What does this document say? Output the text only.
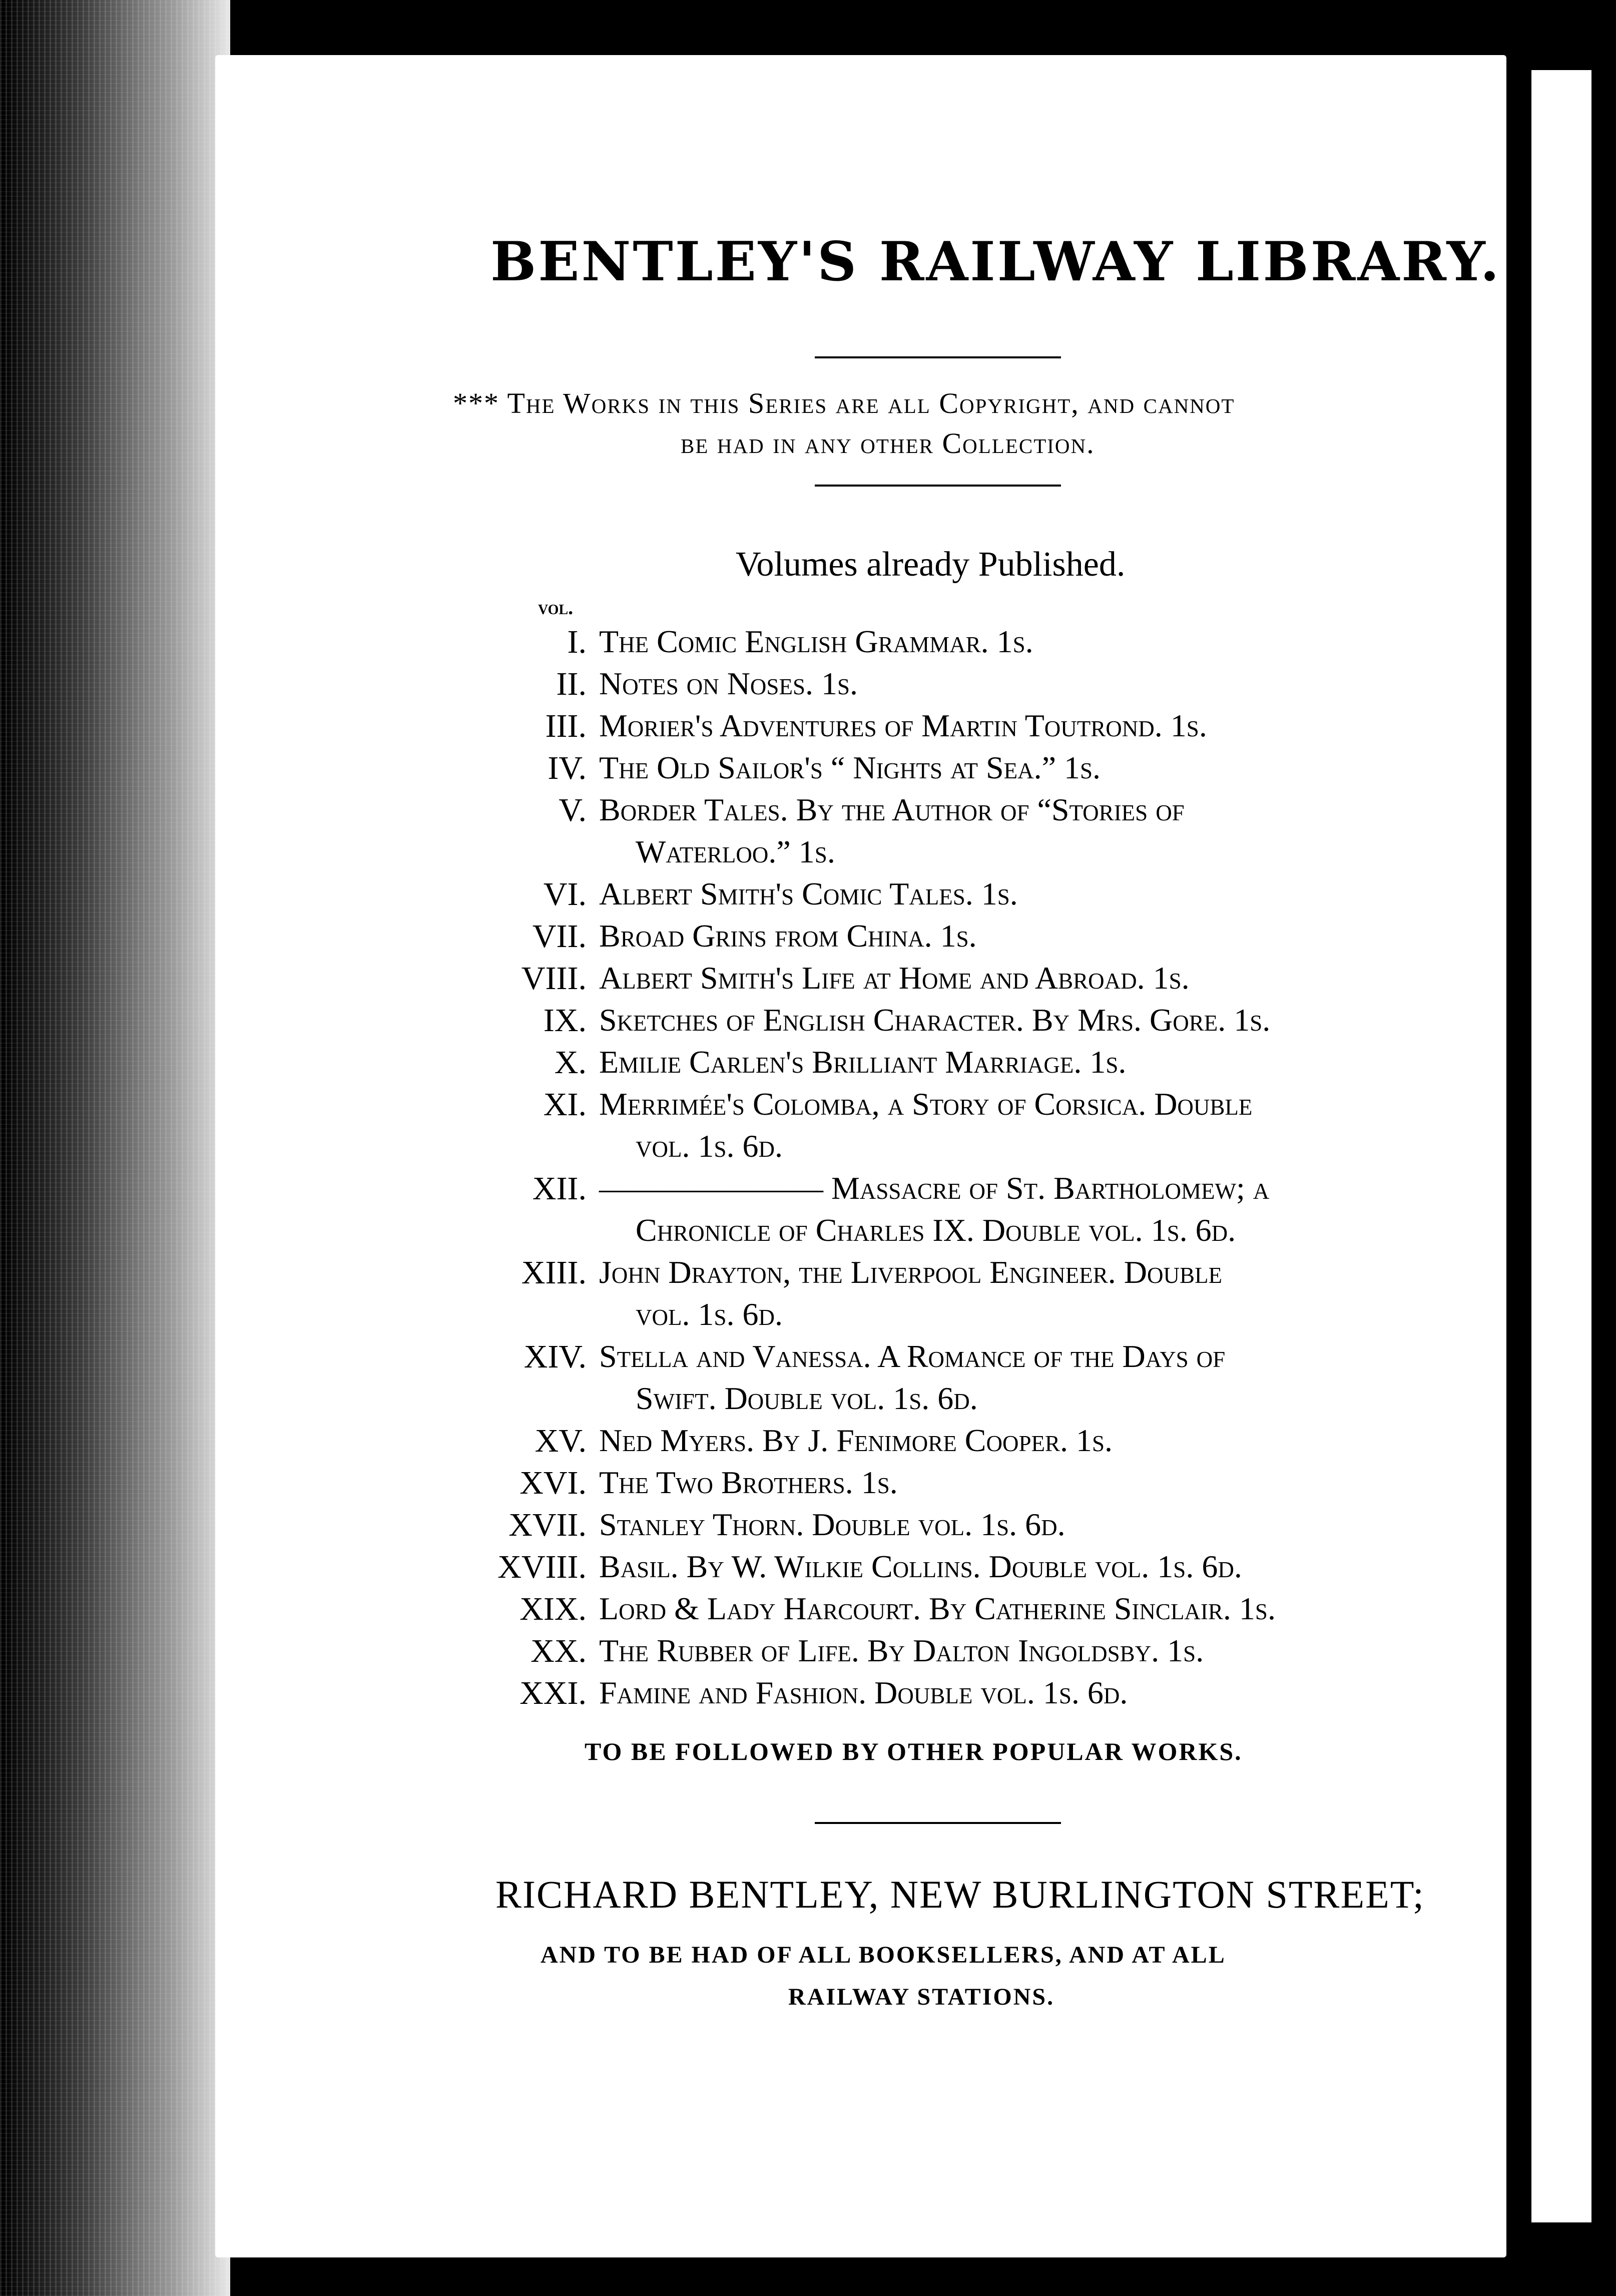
BENTLEY'S RAILWAY LIBRARY.
*** The Works in this Series are all Copyright, and cannot
be had in any other Collection.
Volumes already Published.
vol.
I. The Comic English Grammar. 1s.
II. Notes on Noses. 1s.
III. Morier's Adventures of Martin Toutrond. 1s.
IV. The Old Sailor's “ Nights at Sea.” 1s.
V. Border Tales. By the Author of “Stories of
Waterloo.” 1s.
VI. Albert Smith's Comic Tales. 1s.
VII. Broad Grins from China. 1s.
VIII. Albert Smith's Life at Home and Abroad. 1s.
IX. Sketches of English Character. By Mrs. Gore. 1s.
X. Emilie Carlen's Brilliant Marriage. 1s.
XI. Merrimée's Colomba, a Story of Corsica. Double
vol. 1s. 6d.
XII. ——————— Massacre of St. Bartholomew; a
Chronicle of Charles IX. Double vol. 1s. 6d.
XIII. John Drayton, the Liverpool Engineer. Double
vol. 1s. 6d.
XIV. Stella and Vanessa. A Romance of the Days of
Swift. Double vol. 1s. 6d.
XV. Ned Myers. By J. Fenimore Cooper. 1s.
XVI. The Two Brothers. 1s.
XVII. Stanley Thorn. Double vol. 1s. 6d.
XVIII. Basil. By W. Wilkie Collins. Double vol. 1s. 6d.
XIX. Lord & Lady Harcourt. By Catherine Sinclair. 1s.
XX. The Rubber of Life. By Dalton Ingoldsby. 1s.
XXI. Famine and Fashion. Double vol. 1s. 6d.
TO BE FOLLOWED BY OTHER POPULAR WORKS.
RICHARD BENTLEY, NEW BURLINGTON STREET;
AND TO BE HAD OF ALL BOOKSELLERS, AND AT ALL
RAILWAY STATIONS.
